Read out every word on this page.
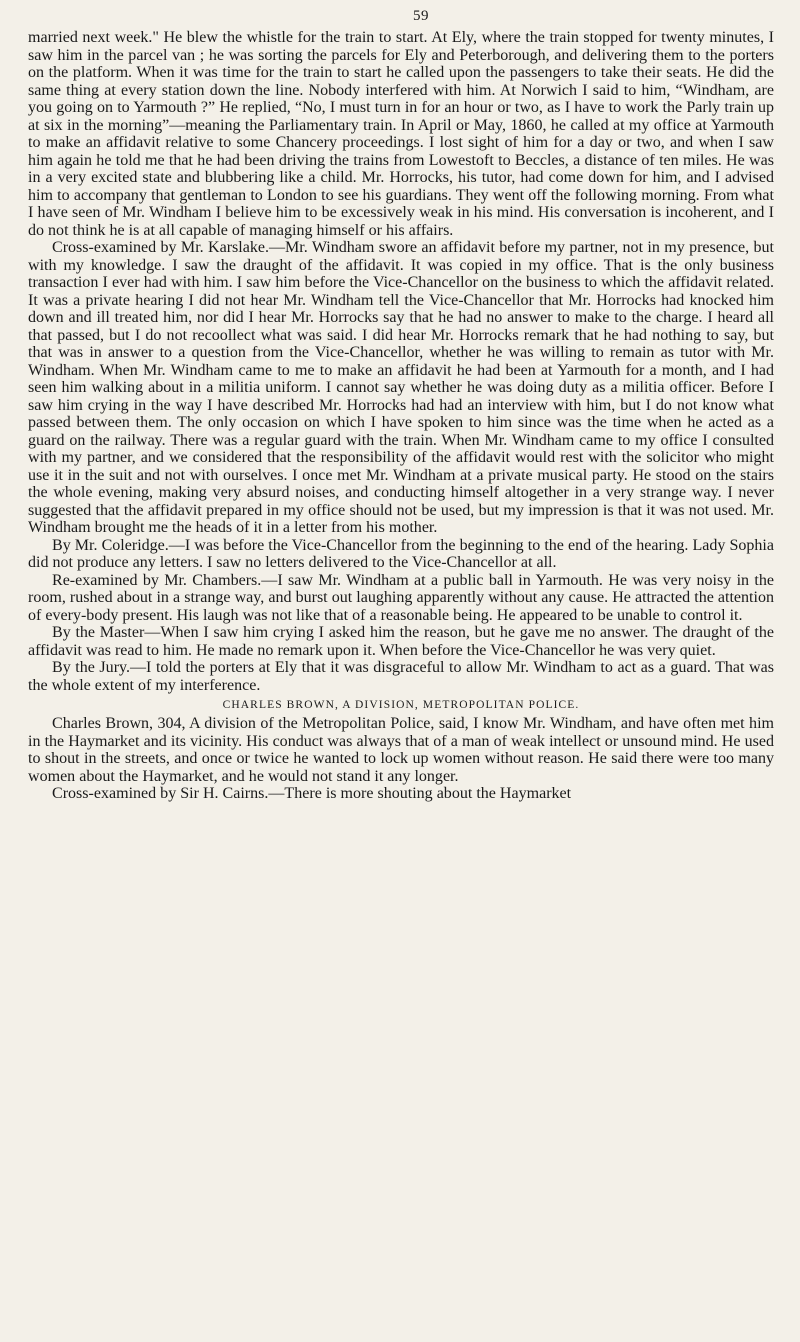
59

married next week." He blew the whistle for the train to start. At Ely, where the train stopped for twenty minutes, I saw him in the parcel van ; he was sorting the parcels for Ely and Peterborough, and delivering them to the porters on the platform. When it was time for the train to start he called upon the passengers to take their seats. He did the same thing at every station down the line. Nobody interfered with him. At Norwich I said to him, “Windham, are you going on to Yarmouth ?” He replied, “No, I must turn in for an hour or two, as I have to work the Parly train up at six in the morning”—meaning the Parliamentary train. In April or May, 1860, he called at my office at Yarmouth to make an affidavit relative to some Chancery proceedings. I lost sight of him for a day or two, and when I saw him again he told me that he had been driving the trains from Lowestoft to Beccles, a distance of ten miles. He was in a very excited state and blubbering like a child. Mr. Horrocks, his tutor, had come down for him, and I advised him to accompany that gentleman to London to see his guardians. They went off the following morning. From what I have seen of Mr. Windham I believe him to be excessively weak in his mind. His conversation is incoherent, and I do not think he is at all capable of managing himself or his affairs.

Cross-examined by Mr. Karslake.—Mr. Windham swore an affidavit before my partner, not in my presence, but with my knowledge. I saw the draught of the affidavit. It was copied in my office. That is the only business transaction I ever had with him. I saw him before the Vice-Chancellor on the business to which the affidavit related. It was a private hearing I did not hear Mr. Windham tell the Vice-Chancellor that Mr. Horrocks had knocked him down and ill treated him, nor did I hear Mr. Horrocks say that he had no answer to make to the charge. I heard all that passed, but I do not recoollect what was said. I did hear Mr. Horrocks remark that he had nothing to say, but that was in answer to a question from the Vice-Chancellor, whether he was willing to remain as tutor with Mr. Windham. When Mr. Windham came to me to make an affidavit he had been at Yarmouth for a month, and I had seen him walking about in a militia uniform. I cannot say whether he was doing duty as a militia officer. Before I saw him crying in the way I have described Mr. Horrocks had had an interview with him, but I do not know what passed between them. The only occasion on which I have spoken to him since was the time when he acted as a guard on the railway. There was a regular guard with the train. When Mr. Windham came to my office I consulted with my partner, and we considered that the responsibility of the affidavit would rest with the solicitor who might use it in the suit and not with ourselves. I once met Mr. Windham at a private musical party. He stood on the stairs the whole evening, making very absurd noises, and conducting himself altogether in a very strange way. I never suggested that the affidavit prepared in my office should not be used, but my impression is that it was not used. Mr. Windham brought me the heads of it in a letter from his mother.

By Mr. Coleridge.—I was before the Vice-Chancellor from the beginning to the end of the hearing. Lady Sophia did not produce any letters. I saw no letters delivered to the Vice-Chancellor at all.

Re-examined by Mr. Chambers.—I saw Mr. Windham at a public ball in Yarmouth. He was very noisy in the room, rushed about in a strange way, and burst out laughing apparently without any cause. He attracted the attention of every-body present. His laugh was not like that of a reasonable being. He appeared to be unable to control it.

By the Master—When I saw him crying I asked him the reason, but he gave me no answer. The draught of the affidavit was read to him. He made no remark upon it. When before the Vice-Chancellor he was very quiet.

By the Jury.—I told the porters at Ely that it was disgraceful to allow Mr. Windham to act as a guard. That was the whole extent of my interference.

CHARLES BROWN, A DIVISION, METROPOLITAN POLICE.

Charles Brown, 304, A division of the Metropolitan Police, said, I know Mr. Windham, and have often met him in the Haymarket and its vicinity. His conduct was always that of a man of weak intellect or unsound mind. He used to shout in the streets, and once or twice he wanted to lock up women without reason. He said there were too many women about the Haymarket, and he would not stand it any longer.

Cross-examined by Sir H. Cairns.—There is more shouting about the Haymarket
